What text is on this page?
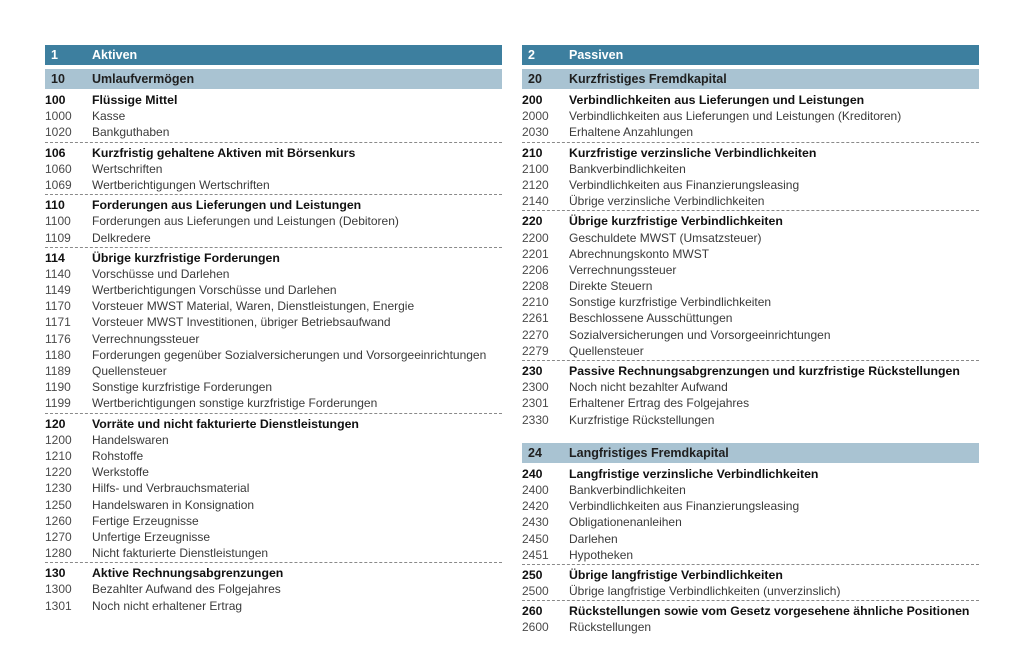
1	Aktiven
10	Umlaufvermögen
100	Flüssige Mittel
1000	Kasse
1020	Bankguthaben
106	Kurzfristig gehaltene Aktiven mit Börsenkurs
1060	Wertschriften
1069	Wertberichtigungen Wertschriften
110	Forderungen aus Lieferungen und Leistungen
1100	Forderungen aus Lieferungen und Leistungen (Debitoren)
1109	Delkredere
114	Übrige kurzfristige Forderungen
1140	Vorschüsse und Darlehen
1149	Wertberichtigungen Vorschüsse und Darlehen
1170	Vorsteuer MWST Material, Waren, Dienstleistungen, Energie
1171	Vorsteuer MWST Investitionen, übriger Betriebsaufwand
1176	Verrechnungssteuer
1180	Forderungen gegenüber Sozialversicherungen und Vorsorgeeinrichtungen
1189	Quellensteuer
1190	Sonstige kurzfristige Forderungen
1199	Wertberichtigungen sonstige kurzfristige Forderungen
120	Vorräte und nicht fakturierte Dienstleistungen
1200	Handelswaren
1210	Rohstoffe
1220	Werkstoffe
1230	Hilfs- und Verbrauchsmaterial
1250	Handelswaren in Konsignation
1260	Fertige Erzeugnisse
1270	Unfertige Erzeugnisse
1280	Nicht fakturierte Dienstleistungen
130	Aktive Rechnungsabgrenzungen
1300	Bezahlter Aufwand des Folgejahres
1301	Noch nicht erhaltener Ertrag
2	Passiven
20	Kurzfristiges Fremdkapital
200	Verbindlichkeiten aus Lieferungen und Leistungen
2000	Verbindlichkeiten aus Lieferungen und Leistungen (Kreditoren)
2030	Erhaltene Anzahlungen
210	Kurzfristige verzinsliche Verbindlichkeiten
2100	Bankverbindlichkeiten
2120	Verbindlichkeiten aus Finanzierungsleasing
2140	Übrige verzinsliche Verbindlichkeiten
220	Übrige kurzfristige Verbindlichkeiten
2200	Geschuldete MWST (Umsatzsteuer)
2201	Abrechnungskonto MWST
2206	Verrechnungssteuer
2208	Direkte Steuern
2210	Sonstige kurzfristige Verbindlichkeiten
2261	Beschlossene Ausschüttungen
2270	Sozialversicherungen und Vorsorgeeinrichtungen
2279	Quellensteuer
230	Passive Rechnungsabgrenzungen und kurzfristige Rückstellungen
2300	Noch nicht bezahlter Aufwand
2301	Erhaltener Ertrag des Folgejahres
2330	Kurzfristige Rückstellungen
24	Langfristiges Fremdkapital
240	Langfristige verzinsliche Verbindlichkeiten
2400	Bankverbindlichkeiten
2420	Verbindlichkeiten aus Finanzierungsleasing
2430	Obligationenanleihen
2450	Darlehen
2451	Hypotheken
250	Übrige langfristige Verbindlichkeiten
2500	Übrige langfristige Verbindlichkeiten (unverzinslich)
260	Rückstellungen sowie vom Gesetz vorgesehene ähnliche Positionen
2600	Rückstellungen
